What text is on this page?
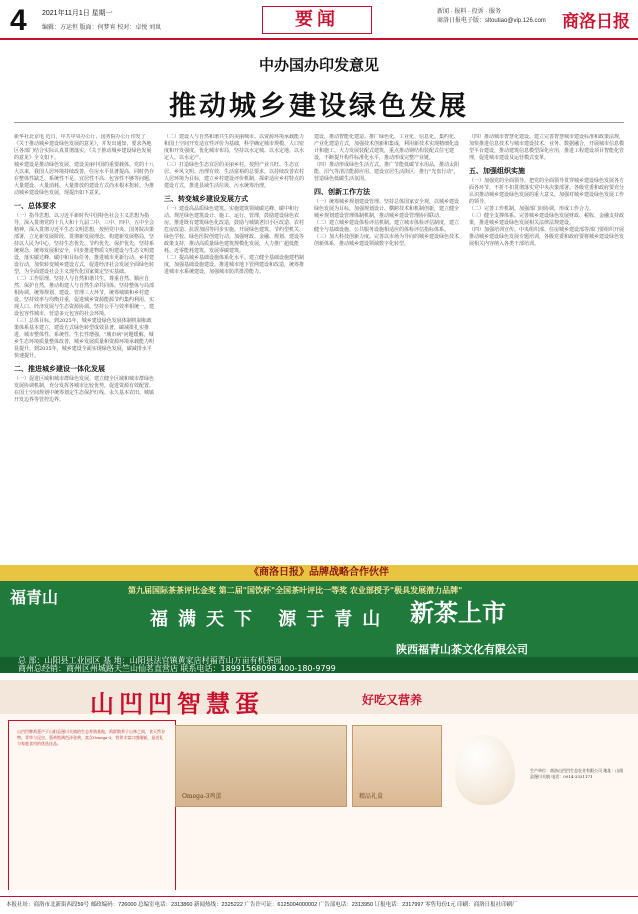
4 2021年11月1日 星期一
编辑：方运恒 版面：何梦宵 校对：卓悦 刘岚	要闻	新闻 · 报料 · 投诉 · 服务
商洛日报电子版：sltoutiao@vip.126.com 商洛日报
中办国办印发意见
推动城乡建设绿色发展
新华社北京电 近日，中共中央办公厅、国务院办公厅印发了《关于推动城乡建设绿色发展的意见》，并发出通知，要求各地区各部门结合实际认真贯彻落实。《关于推动城乡建设绿色发展的意见》全文如下。
城乡建设是推动绿色发展、建设美丽中国的重要载体。党的十八大以来，我国人居环境持续改善，住房水平显著提高，同时仍存在整体性缺乏、系统性不足、宜居性不高、包容性不够等问题，大量建设、大量消耗、大量排放的建设方式尚未根本扭转。为推动城乡建设绿色发展，现提出如下意见。
一、总体要求
（一）指导思想。以习近平新时代中国特色社会主义思想为指导，深入贯彻党的十九大和十九届二中、三中、四中、五中全会精神，深入贯彻习近平生态文明思想，按照党中央、国务院决策部署，立足新发展阶段、贯彻新发展理念、构建新发展格局，坚持以人民为中心，坚持生态优先、节约优先、保护优先，坚持系统观念，统筹发展和安全，同步推进物质文明建设与生态文明建设，落实碳达峰、碳中和目标任务，推进城市更新行动、乡村建设行动，加快转变城乡建设方式，促进经济社会发展全面绿色转型，为全面建设社会主义现代化国家奠定坚实基础。
（二）工作原理。坚持人与自然和谐共生，尊重自然、顺应自然、保护自然，推动构建人与自然生命共同体。坚持整体与局部相协调，统筹规划、建设、管理三大环节，统筹城镇和乡村建设。坚持效率与均衡并重，促进城乡资源能源节约集约利用，实现人口、经济发展与生态资源协调。坚持公平与效率相统一，建设包容性城市，营造多元包容的社会环境。
（三）总体目标。到2025年，城乡建设绿色发展体制机制和政策体系基本建立，建设方式绿色转型成效显著，碳减排扎实推进，城市整体性、系统性、生长性增强，"城市病"问题缓解，城乡生态环境质量整体改善，城乡发展质量和资源环境承载能力明显提升。到2035年，城乡建设全面实现绿色发展，碳减排水平快速提升。
二、推进城乡建设一体化发展
（一）促进区域和城市群绿色发展。建立健全区域和城市群绿色发展协调机制，充分发挥各城市比较优势，促进资源有效配置。在国土空间规划中统筹划定生态保护红线、永久基本农田、城镇开发边界等管控边界。
（二）建设人与自然和谐共生的美丽城市。以资源环境承载能力和国土空间开发适宜性评价为基础，科学确定城市规模、人口密度和开发强度，优化城市布局，坚持以水定城、以水定地、以水定人、以水定产。
（三）打造绿色生态宜居的美丽乡村。按照产业兴旺、生态宜居、乡风文明、治理有效、生活富裕的总要求，以持续改善农村人居环境为目标，建立乡村建设评价机制，探索适应乡村特点的建设方式，推进县域生活垃圾、污水统筹治理。
三、转变城乡建设发展方式
（一）建设高品质绿色建筑。实施建筑领域碳达峰、碳中和行动。规范绿色建筑设计、施工、运行、管理，鼓励建设绿色农房。推进既有建筑绿色化改造，鼓励与城镇老旧小区改造、农村危房改造、抗震加固等同步实施。开展绿色建筑、节约型机关、绿色学校、绿色医院创建行动。加强财政、金融、规划、建设等政策支持，推动高质量绿色建筑规模化发展，大力推广超低能耗、近零能耗建筑，发展零碳建筑。
（二）提高城乡基础设施体系化水平。建立健全基础设施建档制度，加强基础设施建设。推进城市地下管网建设和改造，统筹推进城市水系统建设，加强城市防洪排涝能力。
建设，推动智能化建造。推广绿色化、工业化、信息化、集约化、产业化建造方式，加强技术创新和集成，利用新技术实现精细化设计和施工。大力发展装配式建筑，重点推动钢结构装配式住宅建设，不断提升构件标准化水平，推动形成完整产业链。
（四）推动形成绿色生活方式。推广节能低碳节水用品，推动太阳能、沼气等清洁能源应用。建设宜居生活街区，推行"光盘行动"，营造绿色低碳生活氛围。
四、创新工作方法
（一）统筹城乡规划建设管理。坚持总体国家安全观，以城乡建设绿色发展为目标，加强规划设计、横跨技术和机制创新，建立健全城乡规划建设管理体制机制，推动城乡建设管理协同联动。
（二）建立城乡建设体检评估机制。建立城市体检评估制度，建立健全与基础设施、公共服务设施相适应的体检评估指标体系。
（三）加大科技创新力度。完善以市场为导向的城乡建设绿色技术创新体系，推动城乡建设领域数字化转型。
（四）推动城市智慧化建设。建立完善智慧城市建设标准和政策法规，加快推进信息技术与城市建设技术、业务、数据融合，开展城市信息模型平台建设，推动建筑信息模型深化应用，推进工程建设项目智能化管理，促进城市建设及运营模式变革。
五、加强组织实施
（一）加强党的全面领导。把党的全面领导贯穿城乡建设绿色发展各方面各环节，不折不扣贯彻落实党中央决策部署。各级党委和政府要充分认识推动城乡建设绿色发展的重大意义，加强对城乡建设绿色发展工作的领导。
（二）完善工作机制。加强部门间协调，形成工作合力。
（三）健全支撑体系。完善城乡建设绿色发展财政、税收、金融支持政策，推进城乡建设绿色发展相关法律法规建设。
（四）加强培训宣传。中央组织部、住房城乡建设部等部门要组织开展推动城乡建设绿色发展专题培训，各级党委和政府要将城乡建设绿色发展相关内容纳入各类干部培训。
《商洛日报》品牌战略合作伙伴
福青山	第九届国际茶茶评比金奖 第二届"国饮杯"全国茶叶评比一等奖 农业部授予"极具发展潜力品牌"
福满天下 源于青山 新茶上市
陕西福青山茶文化有限公司
总 部：山阳县工业园区 基 地：山阳县法官镇黄家店村福青山万亩有机茶园
商州总经销：商州区州城路天竺山仙茗直营店 联系电话：18991568098 400-180-9799
山凹凹智慧蛋	好吃又营养
山凹凹牌鸡蛋产于山阳县漫川关镇的生态养殖基地，鸡群散养于山林之间，食天然谷物、青草与昆虫，蛋黄饱满色泽金黄，富含Omega-3，营养丰富口感细腻，是送礼与家庭食用的优选佳品。
Omega-3鸡蛋	精品礼盒
生产单位：商洛山凹凹生态农业有限公司 地址：山阳县漫川关镇 电话：0914-3331171
本报社址：商洛市北新街西段59号 邮政编码：726000 总编室电话：2313860 新闻热线：2325222 广告许可证：6125004000002 广告部电话：2313950 订报电话：2317997 零售每份1元 印刷：商洛日报社印刷厂
